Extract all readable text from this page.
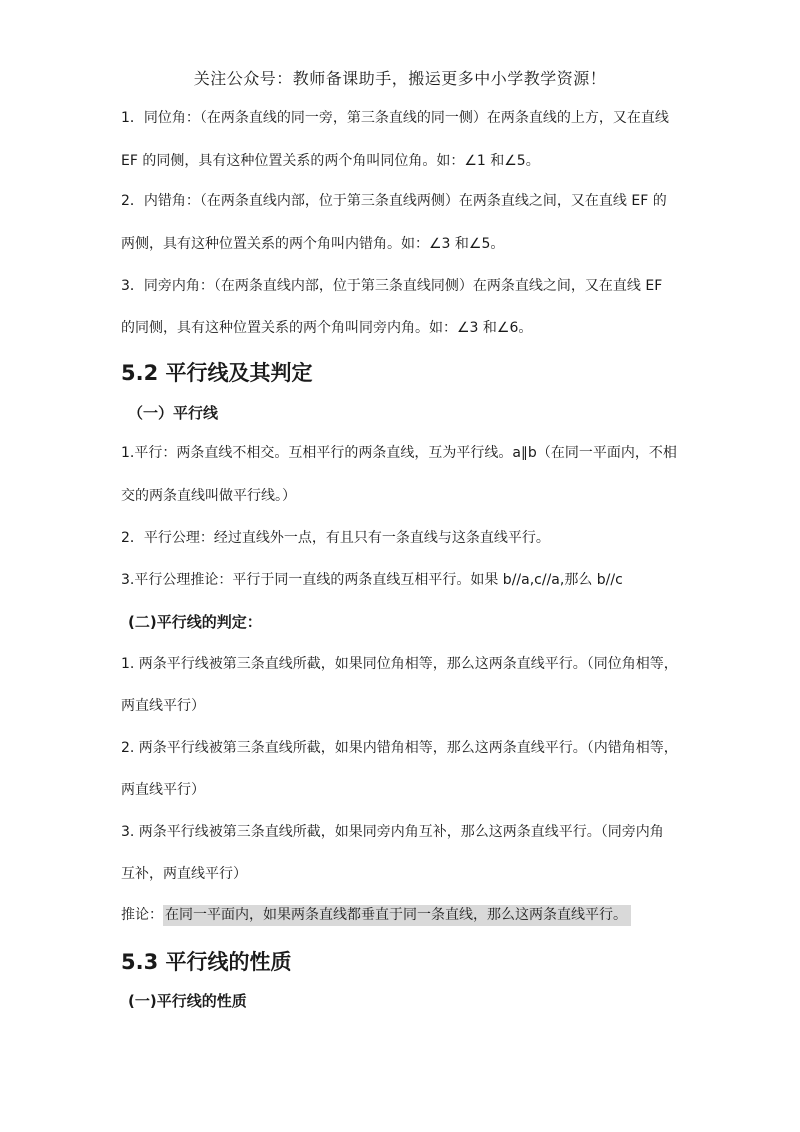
关注公众号：教师备课助手，搬运更多中小学教学资源！
1．同位角：（在两条直线的同一旁，第三条直线的同一侧）在两条直线的上方，又在直线
EF 的同侧，具有这种位置关系的两个角叫同位角。如：∠1 和∠5。
2．内错角：（在两条直线内部，位于第三条直线两侧）在两条直线之间，又在直线 EF 的
两侧，具有这种位置关系的两个角叫内错角。如：∠3 和∠5。
3．同旁内角：（在两条直线内部，位于第三条直线同侧）在两条直线之间，又在直线 EF
的同侧，具有这种位置关系的两个角叫同旁内角。如：∠3 和∠6。
5.2 平行线及其判定
（一）平行线
1.平行：两条直线不相交。互相平行的两条直线，互为平行线。a∥b（在同一平面内，不相
交的两条直线叫做平行线。）
2．平行公理：经过直线外一点，有且只有一条直线与这条直线平行。
3.平行公理推论：平行于同一直线的两条直线互相平行。如果 b//a,c//a,那么 b//c
(二)平行线的判定：
1. 两条平行线被第三条直线所截，如果同位角相等，那么这两条直线平行。（同位角相等，
两直线平行）
2. 两条平行线被第三条直线所截，如果内错角相等，那么这两条直线平行。（内错角相等，
两直线平行）
3. 两条平行线被第三条直线所截，如果同旁内角互补，那么这两条直线平行。（同旁内角
互补，两直线平行）
推论： 在同一平面内，如果两条直线都垂直于同一条直线，那么这两条直线平行。
5.3 平行线的性质
(一)平行线的性质
